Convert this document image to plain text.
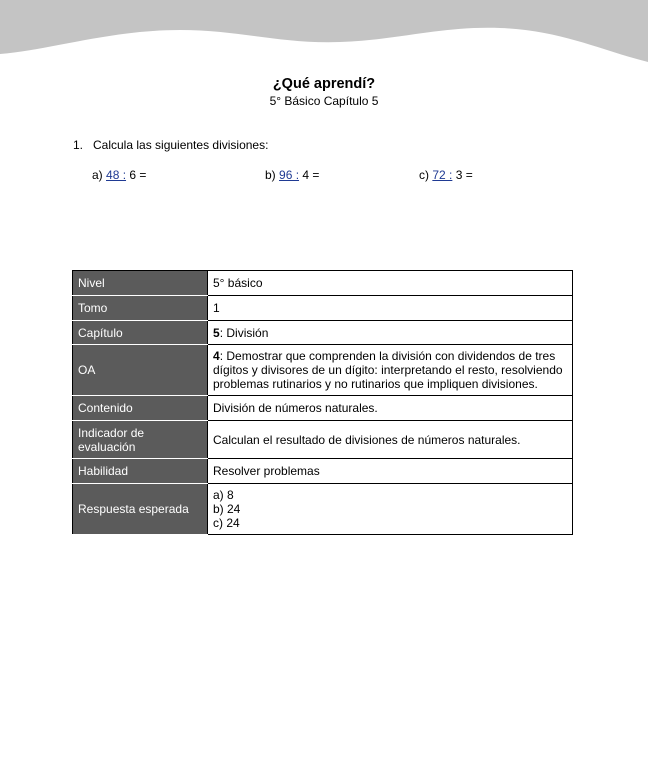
¿Qué aprendí?
5° Básico Capítulo 5
1. Calcula las siguientes divisiones:
a) 48 : 6 =	b) 96 : 4 =	c) 72 : 3 =
Nivel	5° básico
Tomo	1
Capítulo	5: División
OA	4: Demostrar que comprenden la división con dividendos de tres dígitos y divisores de un dígito: interpretando el resto, resolviendo problemas rutinarios y no rutinarios que impliquen divisiones.
Contenido	División de números naturales.
Indicador de evaluación	Calculan el resultado de divisiones de números naturales.
Habilidad	Resolver problemas
Respuesta esperada	a) 8
b) 24
c) 24
